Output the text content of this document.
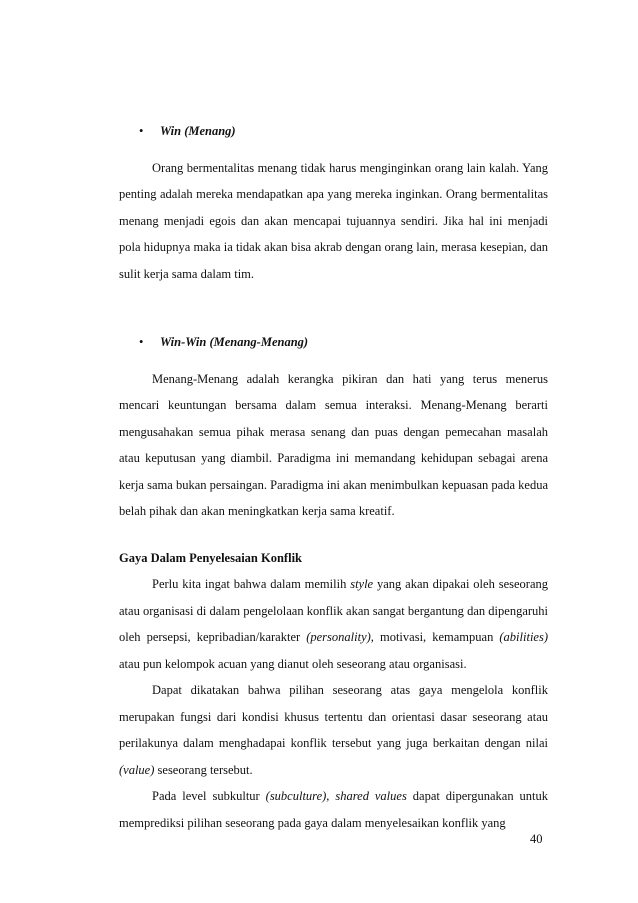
• Win (Menang)

Orang bermentalitas menang tidak harus menginginkan orang lain kalah. Yang penting adalah mereka mendapatkan apa yang mereka inginkan. Orang bermentalitas menang menjadi egois dan akan mencapai tujuannya sendiri. Jika hal ini menjadi pola hidupnya maka ia tidak akan bisa akrab dengan orang lain, merasa kesepian, dan sulit kerja sama dalam tim.

• Win-Win (Menang-Menang)

Menang-Menang adalah kerangka pikiran dan hati yang terus menerus mencari keuntungan bersama dalam semua interaksi. Menang-Menang berarti mengusahakan semua pihak merasa senang dan puas dengan pemecahan masalah atau keputusan yang diambil. Paradigma ini memandang kehidupan sebagai arena kerja sama bukan persaingan. Paradigma ini akan menimbulkan kepuasan pada kedua belah pihak dan akan meningkatkan kerja sama kreatif.

Gaya Dalam Penyelesaian Konflik

Perlu kita ingat bahwa dalam memilih style yang akan dipakai oleh seseorang atau organisasi di dalam pengelolaan konflik akan sangat bergantung dan dipengaruhi oleh persepsi, kepribadian/karakter (personality), motivasi, kemampuan (abilities) atau pun kelompok acuan yang dianut oleh seseorang atau organisasi.

Dapat dikatakan bahwa pilihan seseorang atas gaya mengelola konflik merupakan fungsi dari kondisi khusus tertentu dan orientasi dasar seseorang atau perilakunya dalam menghadapai konflik tersebut yang juga berkaitan dengan nilai (value) seseorang tersebut.

Pada level subkultur (subculture), shared values dapat dipergunakan untuk memprediksi pilihan seseorang pada gaya dalam menyelesaikan konflik yang

40
